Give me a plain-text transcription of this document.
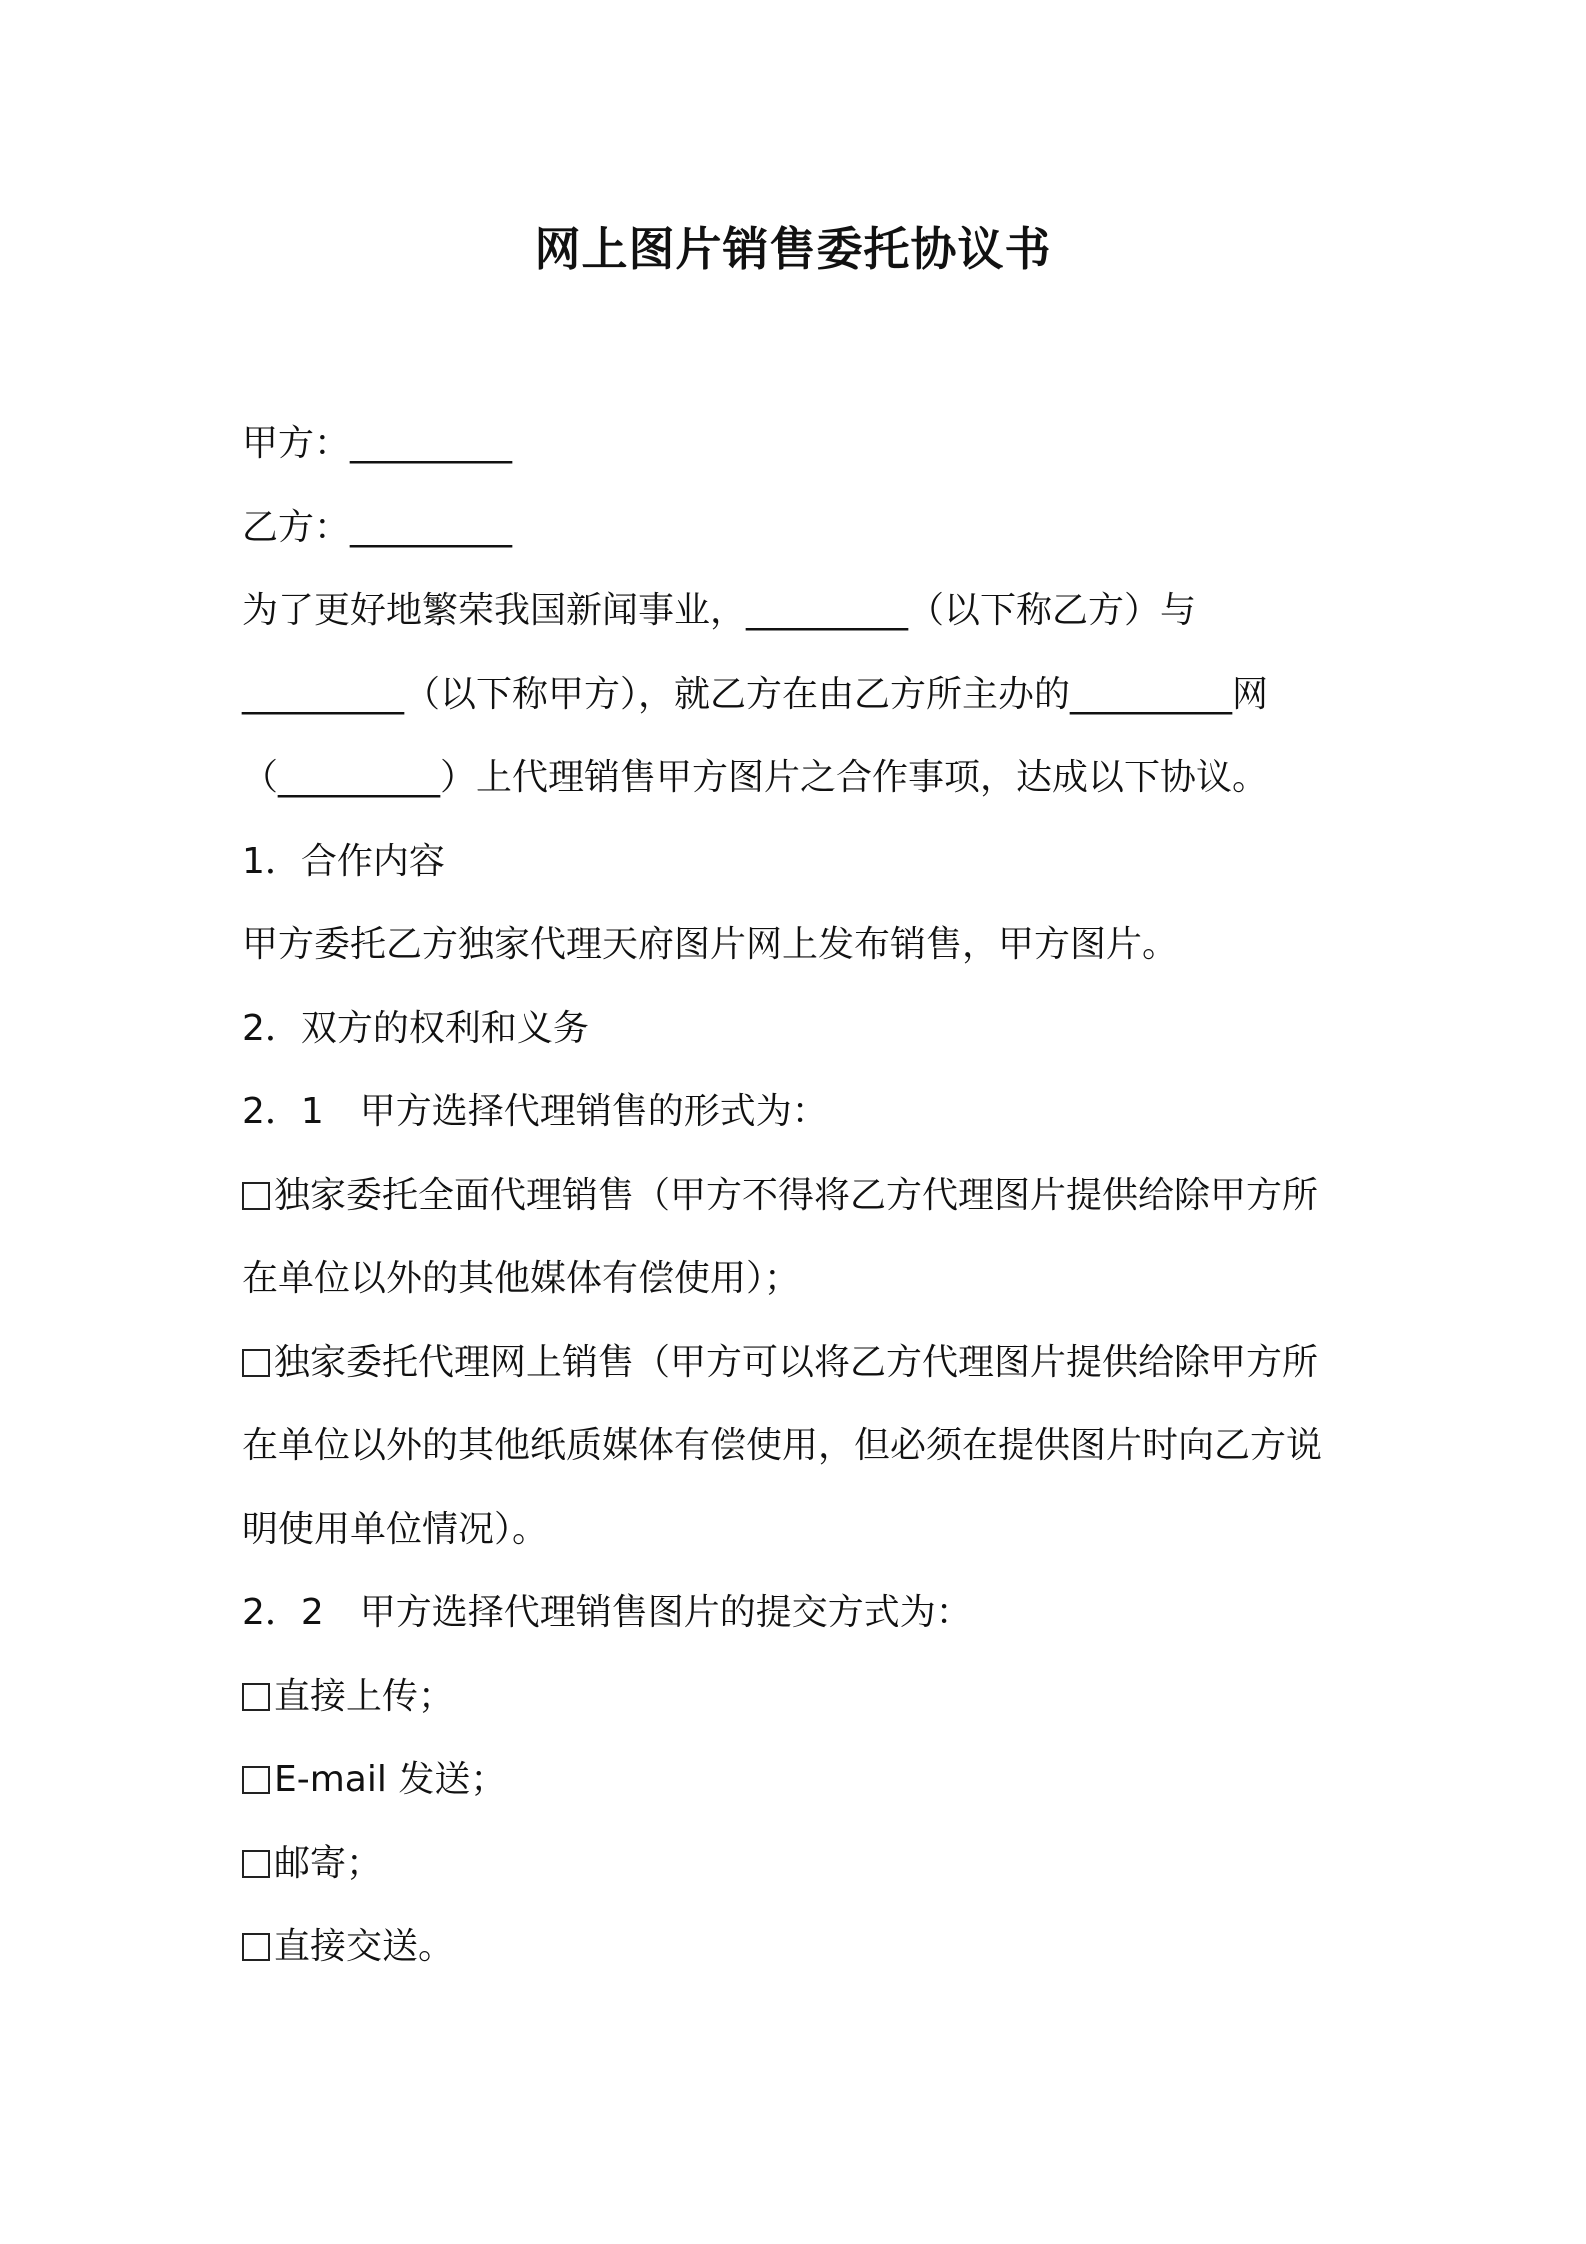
网上图片销售委托协议书
甲方：_________
乙方：_________
为了更好地繁荣我国新闻事业，_________（以下称乙方）与
_________（以下称甲方），就乙方在由乙方所主办的_________网
（_________）上代理销售甲方图片之合作事项，达成以下协议。
1．合作内容
甲方委托乙方独家代理天府图片网上发布销售，甲方图片。
2．双方的权利和义务
2．1　甲方选择代理销售的形式为：
独家委托全面代理销售（甲方不得将乙方代理图片提供给除甲方所
在单位以外的其他媒体有偿使用）；
独家委托代理网上销售（甲方可以将乙方代理图片提供给除甲方所
在单位以外的其他纸质媒体有偿使用，但必须在提供图片时向乙方说
明使用单位情况）。
2．2　甲方选择代理销售图片的提交方式为：
直接上传；
E-mail 发送；
邮寄；
直接交送。
